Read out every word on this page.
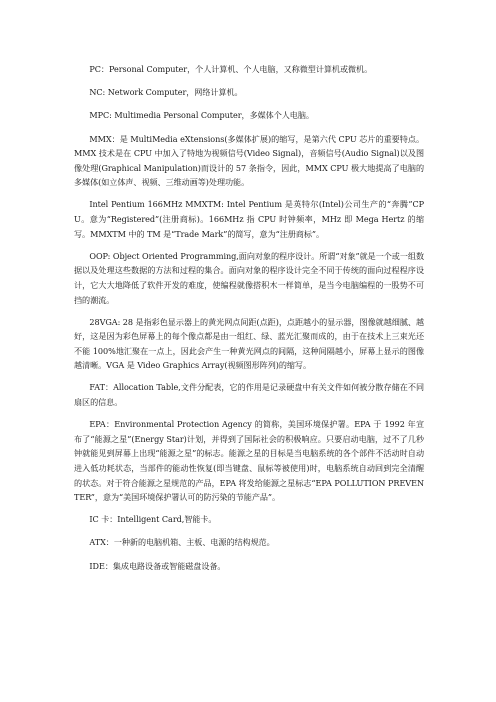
PC：Personal Computer，个人计算机、个人电脑，又称微型计算机或微机。

NC: Network Computer，网络计算机。

MPC: Multimedia Personal Computer，多媒体个人电脑。

MMX：是 MultiMedia eXtensions(多媒体扩展)的缩写，是第六代 CPU 芯片的重要特点。MMX 技术是在 CPU 中加入了特地为视频信号(Video Signal)，音频信号(Audio Signal)以及图像处理(Graphical Manipulation)而设计的 57 条指令，因此，MMX CPU 极大地提高了电脑的多媒体(如立体声、视频、三维动画等)处理功能。

Intel Pentium 166MHz MMXTM: Intel Pentium 是英特尔(Intel)公司生产的“奔腾”CPU。意为“Registered”(注册商标)。166MHz 指 CPU 时钟频率，MHz 即 Mega Hertz 的缩写。MMXTM 中的 TM 是“Trade Mark”的简写，意为“注册商标”。

OOP: Object Oriented Programming,面向对象的程序设计。所谓“对象”就是一个或一组数据以及处理这些数据的方法和过程的集合。面向对象的程序设计完全不同于传统的面向过程程序设计，它大大地降低了软件开发的难度，使编程就像搭积木一样简单，是当今电脑编程的一股势不可挡的潮流。

28VGA: 28 是指彩色显示器上的黄光网点间距(点距)，点距越小的显示器，图像就越细腻、越好，这是因为彩色屏幕上的每个像点都是由一组红、绿、蓝光汇聚而成的，由于在技术上三束光还不能 100%地汇聚在一点上，因此会产生一种黄光网点的间隔，这种间隔越小，屏幕上显示的图像越清晰。VGA 是 Video Graphics Array(视频图形阵列)的缩写。

FAT：Allocation Table,文件分配表，它的作用是记录硬盘中有关文件如何被分散存储在不同扇区的信息。

EPA：Environmental Protection Agency 的简称，美国环境保护署。EPA 于 1992 年宣布了“能源之星”(Energy Star)计划，并得到了国际社会的积极响应。只要启动电脑，过不了几秒钟就能见到屏幕上出现“能源之星”的标志。能源之星的目标是当电脑系统的各个部件不活动时自动进入低功耗状态，当部件的能动性恢复(即当键盘、鼠标等被使用)时，电脑系统自动回到完全清醒的状态。对于符合能源之星规范的产品，EPA 将发给能源之星标志“EPA POLLUTION PREVENTER”，意为“美国环境保护署认可的防污染的节能产品”。

IC 卡：Intelligent Card,智能卡。

ATX：一种新的电脑机箱、主板、电源的结构规范。

IDE：集成电路设备或智能磁盘设备。
